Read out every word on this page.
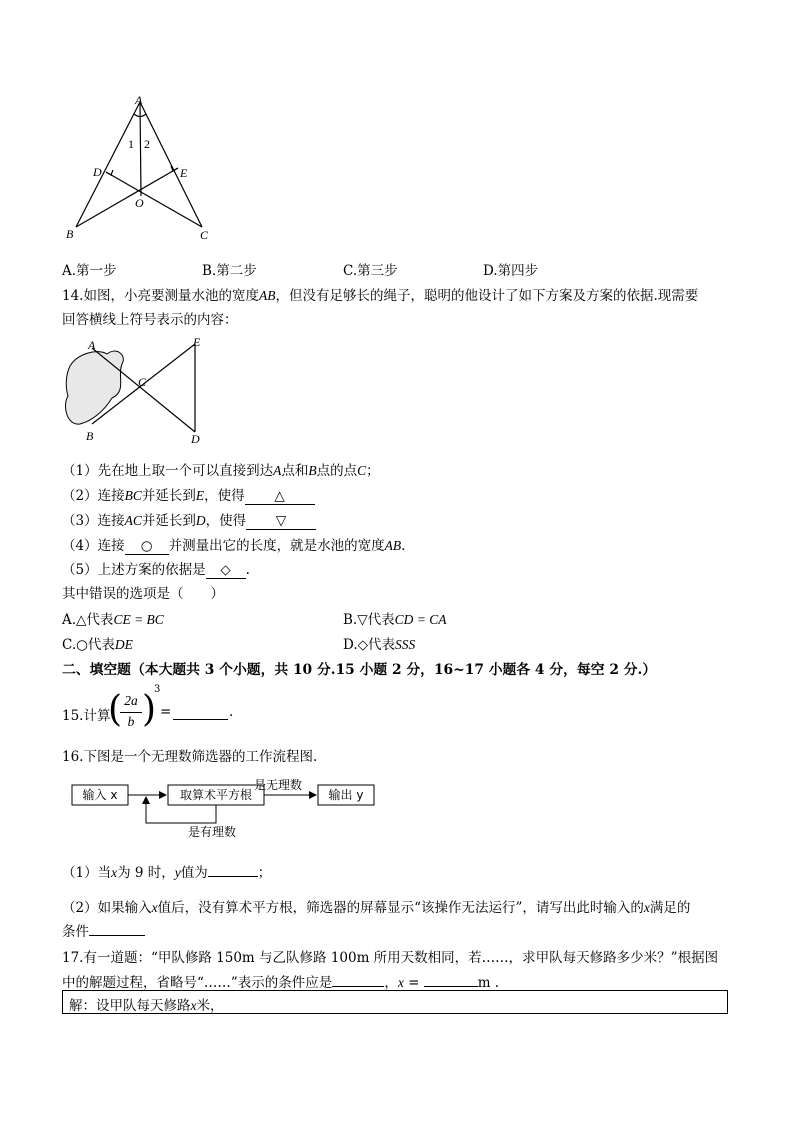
A
B	C
D	E
O
1 2
A.第一步	B.第二步	C.第三步	D.第四步
14.如图，小亮要测量水池的宽度AB，但没有足够长的绳子，聪明的他设计了如下方案及方案的依据.现需要
回答横线上符号表示的内容：
A
B
C
D
E
（1）先在地上取一个可以直接到达A点和B点的点C；
（2）连接BC并延长到E，使得 △
（3）连接AC并延长到D，使得 ▽
（4）连接 ○ 并测量出它的长度，就是水池的宽度AB.
（5）上述方案的依据是 ◇ .
其中错误的选项是（　　）
A.△代表CE = BC	B.▽代表CD = CA
C.○代表DE	D.◇代表SSS
二、填空题（本大题共 3 个小题，共 10 分.15 小题 2 分，16~17 小题各 4 分，每空 2 分.）
15.计算
( 2a
b )
3
=	.
16.下图是一个无理数筛选器的工作流程图.
输入 x	取算术平方根	输出 y
是无理数
是有理数
（1）当x为 9 时，y值为	；
（2）如果输入x值后，没有算术平方根，筛选器的屏幕显示“该操作无法运行”，请写出此时输入的x满足的
条件
17.有一道题：“甲队修路 150m 与乙队修路 100m 所用天数相同，若……，求甲队每天修路多少米？”根据图
中的解题过程，省略号“……”表示的条件应是	，x =	m .
解：设甲队每天修路x米，
